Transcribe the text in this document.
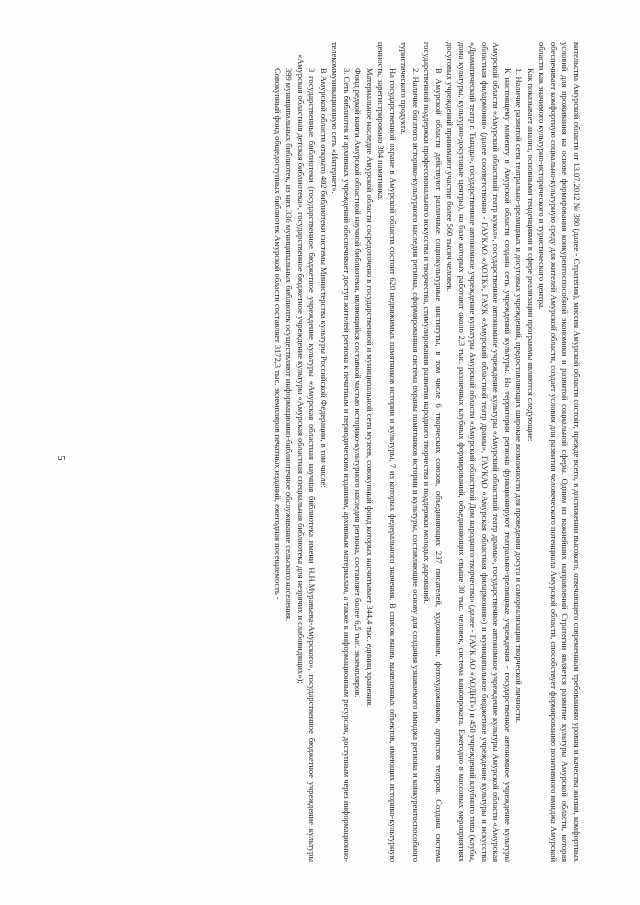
5	вительства Амурской области от 13.07.2012 № 380 (далее - Стратегия), миссия Амурской области состоит, прежде всего, в достижении высокого, отвечающего современным требованиям уровня и качества жизни, комфортных условий для проживания на основе формирования конкурентоспособной экономики и развитой социальной сферы. Одним из важнейших направлений Стратегии является развитие культуры Амурской области, которая обеспечивает комфортную социально-культурную среду для жителей Амурской области, создает условия для развития человеческого потенциала Амурской области, способствует формированию позитивного имиджа Амурской области как значимого культурно-исторического и туристического центра.

Как показывает анализ, основными тенденциями в сфере реализации программы являются следующие:

1. Наличие развитой сети театрально-зрелищных и досуговых учреждений, предоставляющих широкие возможности для проведения досуга и самореализации творческой личности.

К настоящему моменту в Амурской области создана сеть учреждений культуры. На территории региона функционируют театрально-зрелищные учреждения - государственное автономное учреждение культуры Амурской области «Амурский областной театр кукол», государственное автономное учреждение культуры «Амурский областной театр драмы», государственное автономное учреждение культуры Амурской области «Амурская областная филармония» (далее соответственно - ГАУКАО «АОТК», ГАУК «Амурский областной театр драмы», ГАУКАО «Амурская областная филармония») и муниципальное бюджетное учреждение культуры и искусства «Драматический театр г. Тынды», государственное автономное учреждение культуры Амурской области «Амурский областной Дом народного творчества» (далее - ГАУК АО «АОДНТ») и 450 учреждений клубного типа (клубы, дома культуры, культурно-досуговые центры), на базе которых работают около 2,3 тыс. различных клубных формирований, объединяющих свыше 30 тыс. человек, система кинопроката. Ежегодно в массовых мероприятиях досуговых учреждений принимают участие более 560 тысяч человек.

В Амурской области действуют различные социокультурные институты, в том числе 6 творческих союзов, объединяющих 237 писателей, художников, фотохудожников, артистов театров. Создана система государственной поддержки профессионального искусства и творчества, стимулирования развития народного творчества и поддержки молодых дарований.

2. Наличие богатого историко-культурного наследия региона, сформированная система охраны памятников истории и культуры, составляющие основу для создания узнаваемого имиджа региона и конкурентоспособного туристического продукта.

На государственной охране в Амурской области состоит 620 недвижимых памятников истории и культуры, 7 из которых федерального значения. В список вновь выявленных объектов, имеющих историко-культурную ценность, зарегистрировано 384 памятника.

Материальное наследие Амурской области сосредоточено в государственной и муниципальной сети музеев, совокупный фонд которых насчитывает 344,4 тыс. единиц хранения.

Фонд редкой книги Амурской областной научной библиотеки, являющийся составной частью историко-культурного наследия региона, составляет более 6,5 тыс. экземпляров.

3. Сеть библиотек и архивных учреждений обеспечивает доступ жителей региона к печатным и периодическим изданиям, архивным материалам, а также к информационным ресурсам, доступным через информационно-телекоммуникационную сеть «Интернет».

В Амурской области открыто 402 библиотеки системы Министерства культуры Российской Федерации, в том числе:

3 государственные библиотеки (государственное бюджетное учреждение культуры «Амурская областная научная библиотека имени Н.Н.Муравьева-Амурского», государственное бюджетное учреждение культуры «Амурская областная детская библиотека», государственное бюджетное учреждение культуры «Амурская областная специальная библиотека для незрячих и слабовидящих»);

399 муниципальных библиотек, из них 336 муниципальных библиотек осуществляют информационно-библиотечное обслуживание сельского населения.

Совокупный фонд общедоступных библиотек Амурской области составляет 3172,3 тыс. экземпляров печатных изданий, ежегодная посещаемость -
